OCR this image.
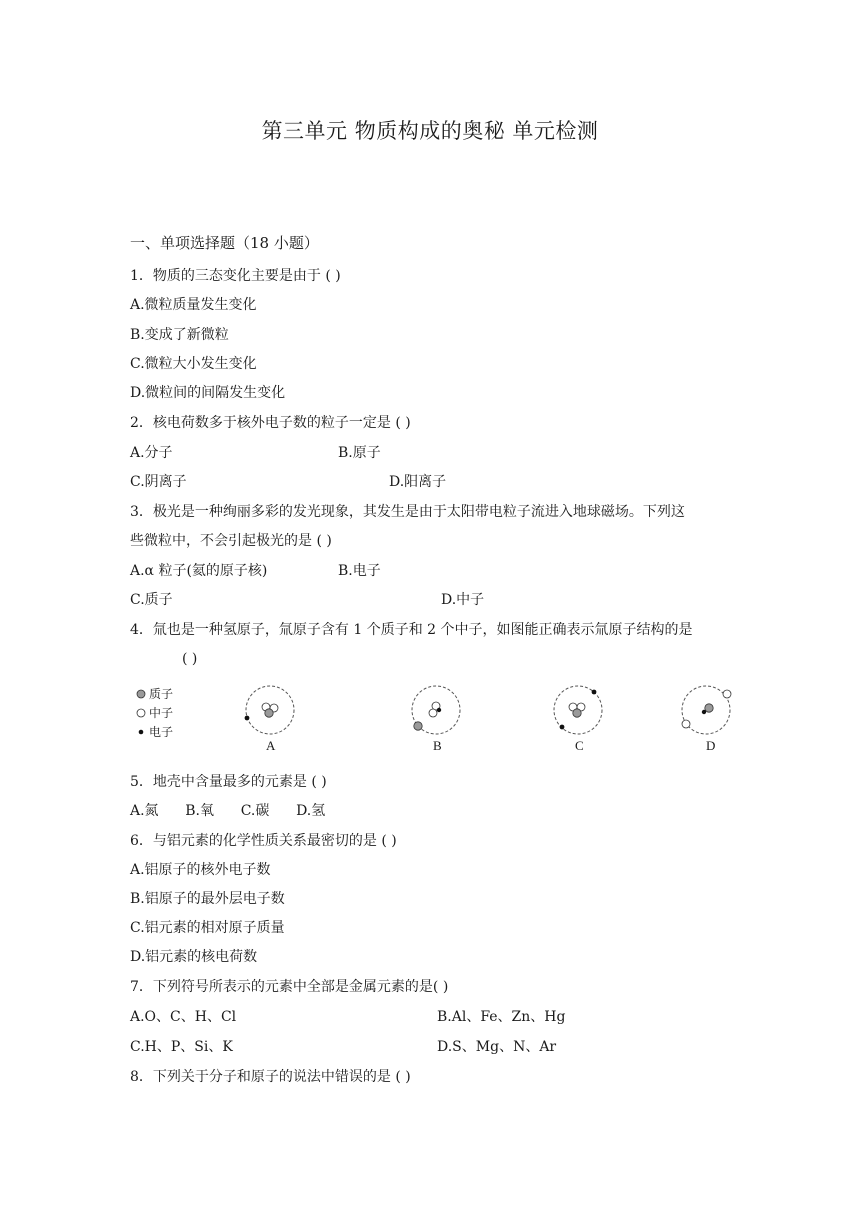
第三单元 物质构成的奥秘 单元检测
一、单项选择题（18 小题）
1．物质的三态变化主要是由于 ( )
A.微粒质量发生变化
B.变成了新微粒
C.微粒大小发生变化
D.微粒间的间隔发生变化
2．核电荷数多于核外电子数的粒子一定是 ( )
A.分子	B.原子
C.阴离子	D.阳离子
3．极光是一种绚丽多彩的发光现象，其发生是由于太阳带电粒子流进入地球磁场。下列这
些微粒中，不会引起极光的是 ( )
A.α 粒子(氦的原子核)	B.电子
C.质子	D.中子
4．氚也是一种氢原子，氚原子含有 1 个质子和 2 个中子，如图能正确表示氚原子结构的是
( )
质子
中子
电子
A	B	C	D
5．地壳中含量最多的元素是 ( )
A.氮      B.氧      C.碳      D.氢
6．与铝元素的化学性质关系最密切的是 ( )
A.铝原子的核外电子数
B.铝原子的最外层电子数
C.铝元素的相对原子质量
D.铝元素的核电荷数
7．下列符号所表示的元素中全部是金属元素的是( )
A.O、C、H、Cl	B.Al、Fe、Zn、Hg
C.H、P、Si、K	D.S、Mg、N、Ar
8．下列关于分子和原子的说法中错误的是 ( )
